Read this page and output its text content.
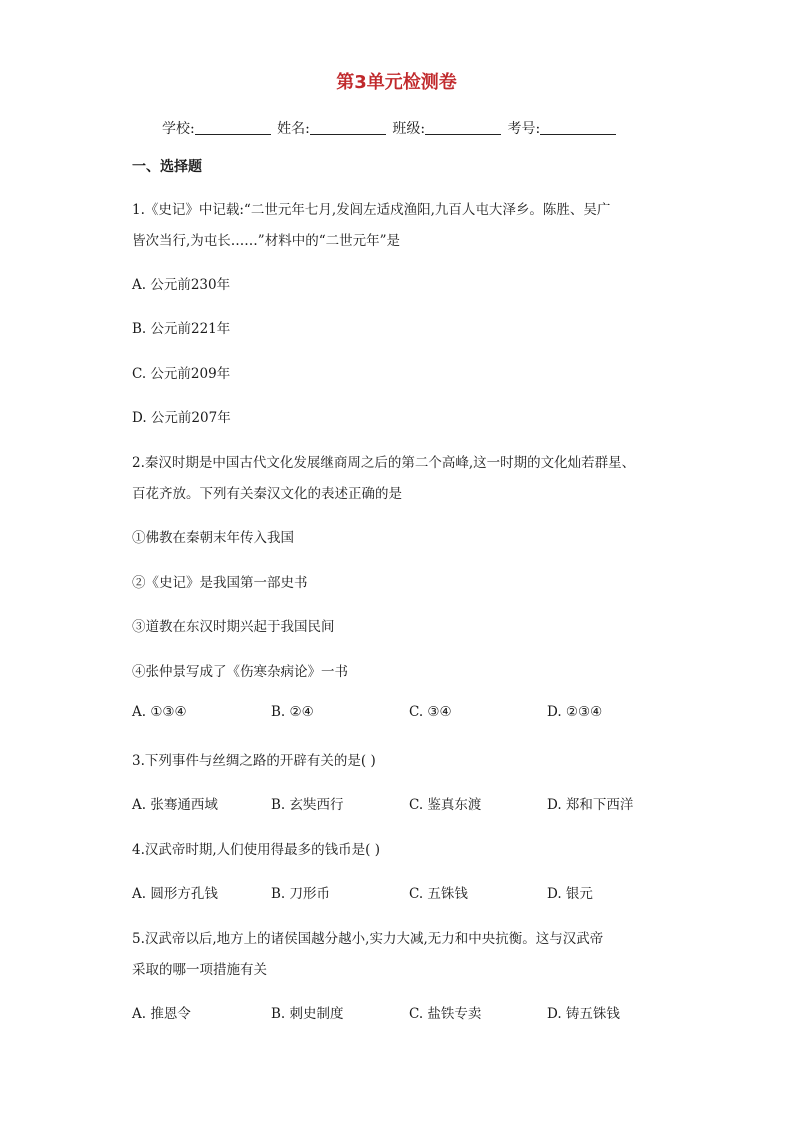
第3单元检测卷
学校:	姓名:	班级:	考号:
一、选择题
1.《史记》中记载:“二世元年七月,发闾左适戍渔阳,九百人屯大泽乡。陈胜、吴广
皆次当行,为屯长……”材料中的“二世元年”是
A. 公元前230年
B. 公元前221年
C. 公元前209年
D. 公元前207年
2.秦汉时期是中国古代文化发展继商周之后的第二个高峰,这一时期的文化灿若群星、
百花齐放。下列有关秦汉文化的表述正确的是
①佛教在秦朝末年传入我国
②《史记》是我国第一部史书
③道教在东汉时期兴起于我国民间
④张仲景写成了《伤寒杂病论》一书
A. ①③④	B. ②④	C. ③④	D. ②③④
3.下列事件与丝绸之路的开辟有关的是( )
A. 张骞通西域	B. 玄奘西行	C. 鉴真东渡	D. 郑和下西洋
4.汉武帝时期,人们使用得最多的钱币是( )
A. 圆形方孔钱	B. 刀形币	C. 五铢钱	D. 银元
5.汉武帝以后,地方上的诸侯国越分越小,实力大减,无力和中央抗衡。这与汉武帝
采取的哪一项措施有关
A. 推恩令	B. 刺史制度	C. 盐铁专卖	D. 铸五铢钱
